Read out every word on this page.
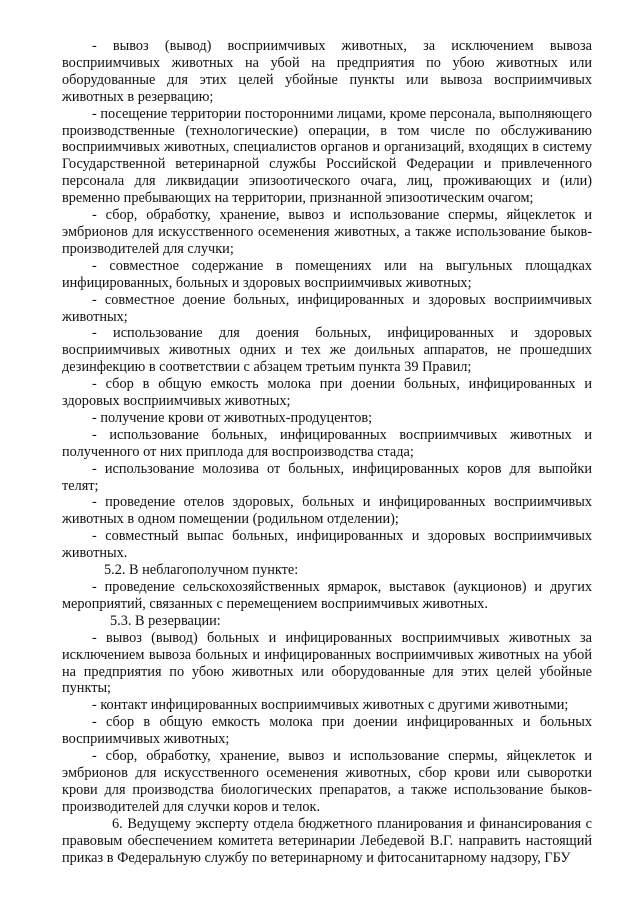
- вывоз (вывод) восприимчивых животных, за исключением вывоза восприимчивых животных на убой на предприятия по убою животных или оборудованные для этих целей убойные пункты или вывоза восприимчивых животных в резервацию;

- посещение территории посторонними лицами, кроме персонала, выполняющего производственные (технологические) операции, в том числе по обслуживанию восприимчивых животных, специалистов органов и организаций, входящих в систему Государственной ветеринарной службы Российской Федерации и привлеченного персонала для ликвидации эпизоотического очага, лиц, проживающих и (или) временно пребывающих на территории, признанной эпизоотическим очагом;

- сбор, обработку, хранение, вывоз и использование спермы, яйцеклеток и эмбрионов для искусственного осеменения животных, а также использование быков-производителей для случки;

- совместное содержание в помещениях или на выгульных площадках инфицированных, больных и здоровых восприимчивых животных;

- совместное доение больных, инфицированных и здоровых восприимчивых животных;

- использование для доения больных, инфицированных и здоровых восприимчивых животных одних и тех же доильных аппаратов, не прошедших дезинфекцию в соответствии с абзацем третьим пункта 39 Правил;

- сбор в общую емкость молока при доении больных, инфицированных и здоровых восприимчивых животных;

- получение крови от животных-продуцентов;

- использование больных, инфицированных восприимчивых животных и полученного от них приплода для воспроизводства стада;

- использование молозива от больных, инфицированных коров для выпойки телят;

- проведение отелов здоровых, больных и инфицированных восприимчивых животных в одном помещении (родильном отделении);

- совместный выпас больных, инфицированных и здоровых восприимчивых животных.

5.2. В неблагополучном пункте:

- проведение сельскохозяйственных ярмарок, выставок (аукционов) и других мероприятий, связанных с перемещением восприимчивых животных.

5.3. В резервации:

- вывоз (вывод) больных и инфицированных восприимчивых животных за исключением вывоза больных и инфицированных восприимчивых животных на убой на предприятия по убою животных или оборудованные для этих целей убойные пункты;

- контакт инфицированных восприимчивых животных с другими животными;

- сбор в общую емкость молока при доении инфицированных и больных восприимчивых животных;

- сбор, обработку, хранение, вывоз и использование спермы, яйцеклеток и эмбрионов для искусственного осеменения животных, сбор крови или сыворотки крови для производства биологических препаратов, а также использование быков-производителей для случки коров и телок.

6. Ведущему эксперту отдела бюджетного планирования и финансирования с правовым обеспечением комитета ветеринарии Лебедевой В.Г. направить настоящий приказ в Федеральную службу по ветеринарному и фитосанитарному надзору, ГБУ
